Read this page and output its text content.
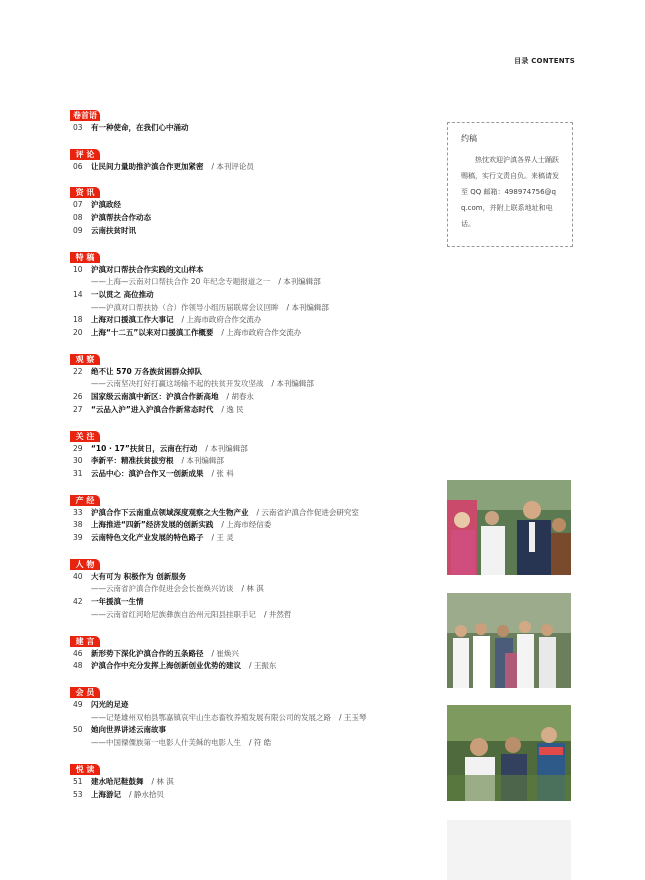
目录 CONTENTS
卷首语
03 有一种使命，在我们心中涌动
评 论
06 让民间力量助推沪滇合作更加紧密 / 本刊评论员
资 讯
07 沪滇政经
08 沪滇帮扶合作动态
09 云南扶贫时讯
特 稿
10 沪滇对口帮扶合作实践的文山样本
——上海—云南对口帮扶合作 20 年纪念专题报道之一 / 本刊编辑部
14 一以贯之 高位推动
——沪滇对口帮扶协（合）作领导小组历届联席会议回眸 / 本刊编辑部
18 上海对口援滇工作大事记 / 上海市政府合作交流办
20 上海“十二五”以来对口援滇工作概要 / 上海市政府合作交流办
观 察
22 绝不让 570 万各族贫困群众掉队
——云南坚决打好打赢这场输不起的扶贫开发攻坚战 / 本刊编辑部
26 国家级云南滇中新区：沪滇合作新高地 / 胡春永
27 “云品入沪”进入沪滇合作新常态时代 / 逸 民
关 注
29 “10 · 17”扶贫日，云南在行动 / 本刊编辑部
30 李新平：精准扶贫拔穷根 / 本刊编辑部
31 云品中心：滇沪合作又一创新成果 / 张 科
产 经
33 沪滇合作下云南重点领域深度观察之大生物产业 / 云南省沪滇合作促进会研究室
38 上海推进“四新”经济发展的创新实践 / 上海市经信委
39 云南特色文化产业发展的特色路子 / 王 灵
人 物
40 大有可为 积极作为 创新服务
——云南省沪滇合作促进会会长崔焕兴访谈 / 林 淇
42 一年援滇一生情
——云南省红河哈尼族彝族自治州元阳县挂职手记 / 井然哲
建 言
46 新形势下深化沪滇合作的五条路径 / 崔焕兴
48 沪滇合作中充分发挥上海创新创业优势的建议 / 王振东
会 员
49 闪光的足迹
——记楚雄州双柏县鄂嘉镇哀牢山生态畜牧养殖发展有限公司的发展之路 / 王玉琴
50 她向世界讲述云南故事
——中国傈僳族第一电影人什芙稣的电影人生 / 符 皓
悦 读
51 建水哈尼鞋鼓舞 / 林 淇
53 上海游记 / 静水拾贝
约稿
热忱欢迎沪滇各界人士踊跃赐稿，实行文责自负。来稿请发至 QQ 邮箱：498974756@qq.com，并附上联系地址和电话。
